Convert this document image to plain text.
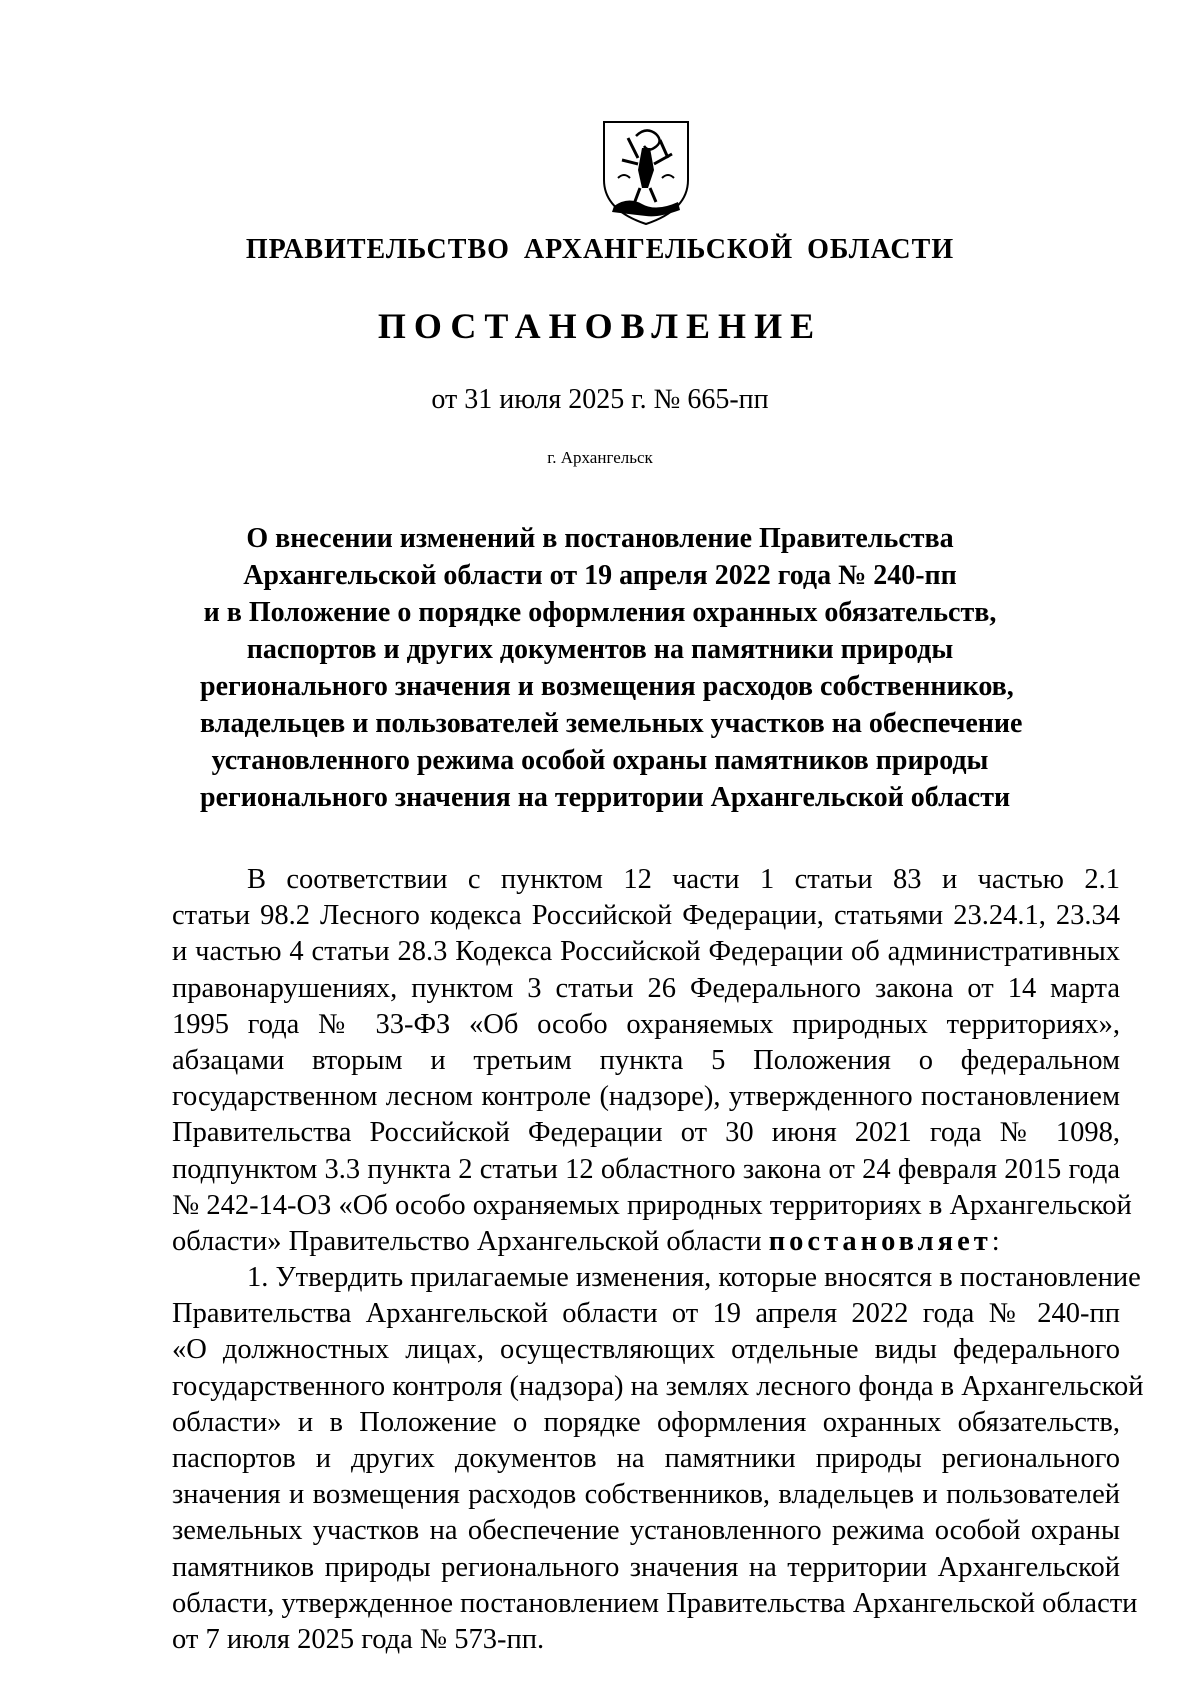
ПРАВИТЕЛЬСТВО АРХАНГЕЛЬСКОЙ ОБЛАСТИ
ПОСТАНОВЛЕНИЕ
от 31 июля 2025 г. № 665-пп
г. Архангельск
О внесении изменений в постановление Правительства
Архангельской области от 19 апреля 2022 года № 240-пп
и в Положение о порядке оформления охранных обязательств,
паспортов и других документов на памятники природы
регионального значения и возмещения расходов собственников,
владельцев и пользователей земельных участков на обеспечение
установленного режима особой охраны памятников природы
регионального значения на территории Архангельской области
В соответствии с пунктом 12 части 1 статьи 83 и частью 2.1
статьи 98.2 Лесного кодекса Российской Федерации, статьями 23.24.1, 23.34
и частью 4 статьи 28.3 Кодекса Российской Федерации об административных
правонарушениях, пунктом 3 статьи 26 Федерального закона от 14 марта
1995 года № 33-ФЗ «Об особо охраняемых природных территориях»,
абзацами вторым и третьим пункта 5 Положения о федеральном
государственном лесном контроле (надзоре), утвержденного постановлением
Правительства Российской Федерации от 30 июня 2021 года № 1098,
подпунктом 3.3 пункта 2 статьи 12 областного закона от 24 февраля 2015 года
№ 242-14-ОЗ «Об особо охраняемых природных территориях в Архангельской
области» Правительство Архангельской области постановляет:
1. Утвердить прилагаемые изменения, которые вносятся в постановление
Правительства Архангельской области от 19 апреля 2022 года № 240-пп
«О должностных лицах, осуществляющих отдельные виды федерального
государственного контроля (надзора) на землях лесного фонда в Архангельской
области» и в Положение о порядке оформления охранных обязательств,
паспортов и других документов на памятники природы регионального
значения и возмещения расходов собственников, владельцев и пользователей
земельных участков на обеспечение установленного режима особой охраны
памятников природы регионального значения на территории Архангельской
области, утвержденное постановлением Правительства Архангельской области
от 7 июля 2025 года № 573-пп.
